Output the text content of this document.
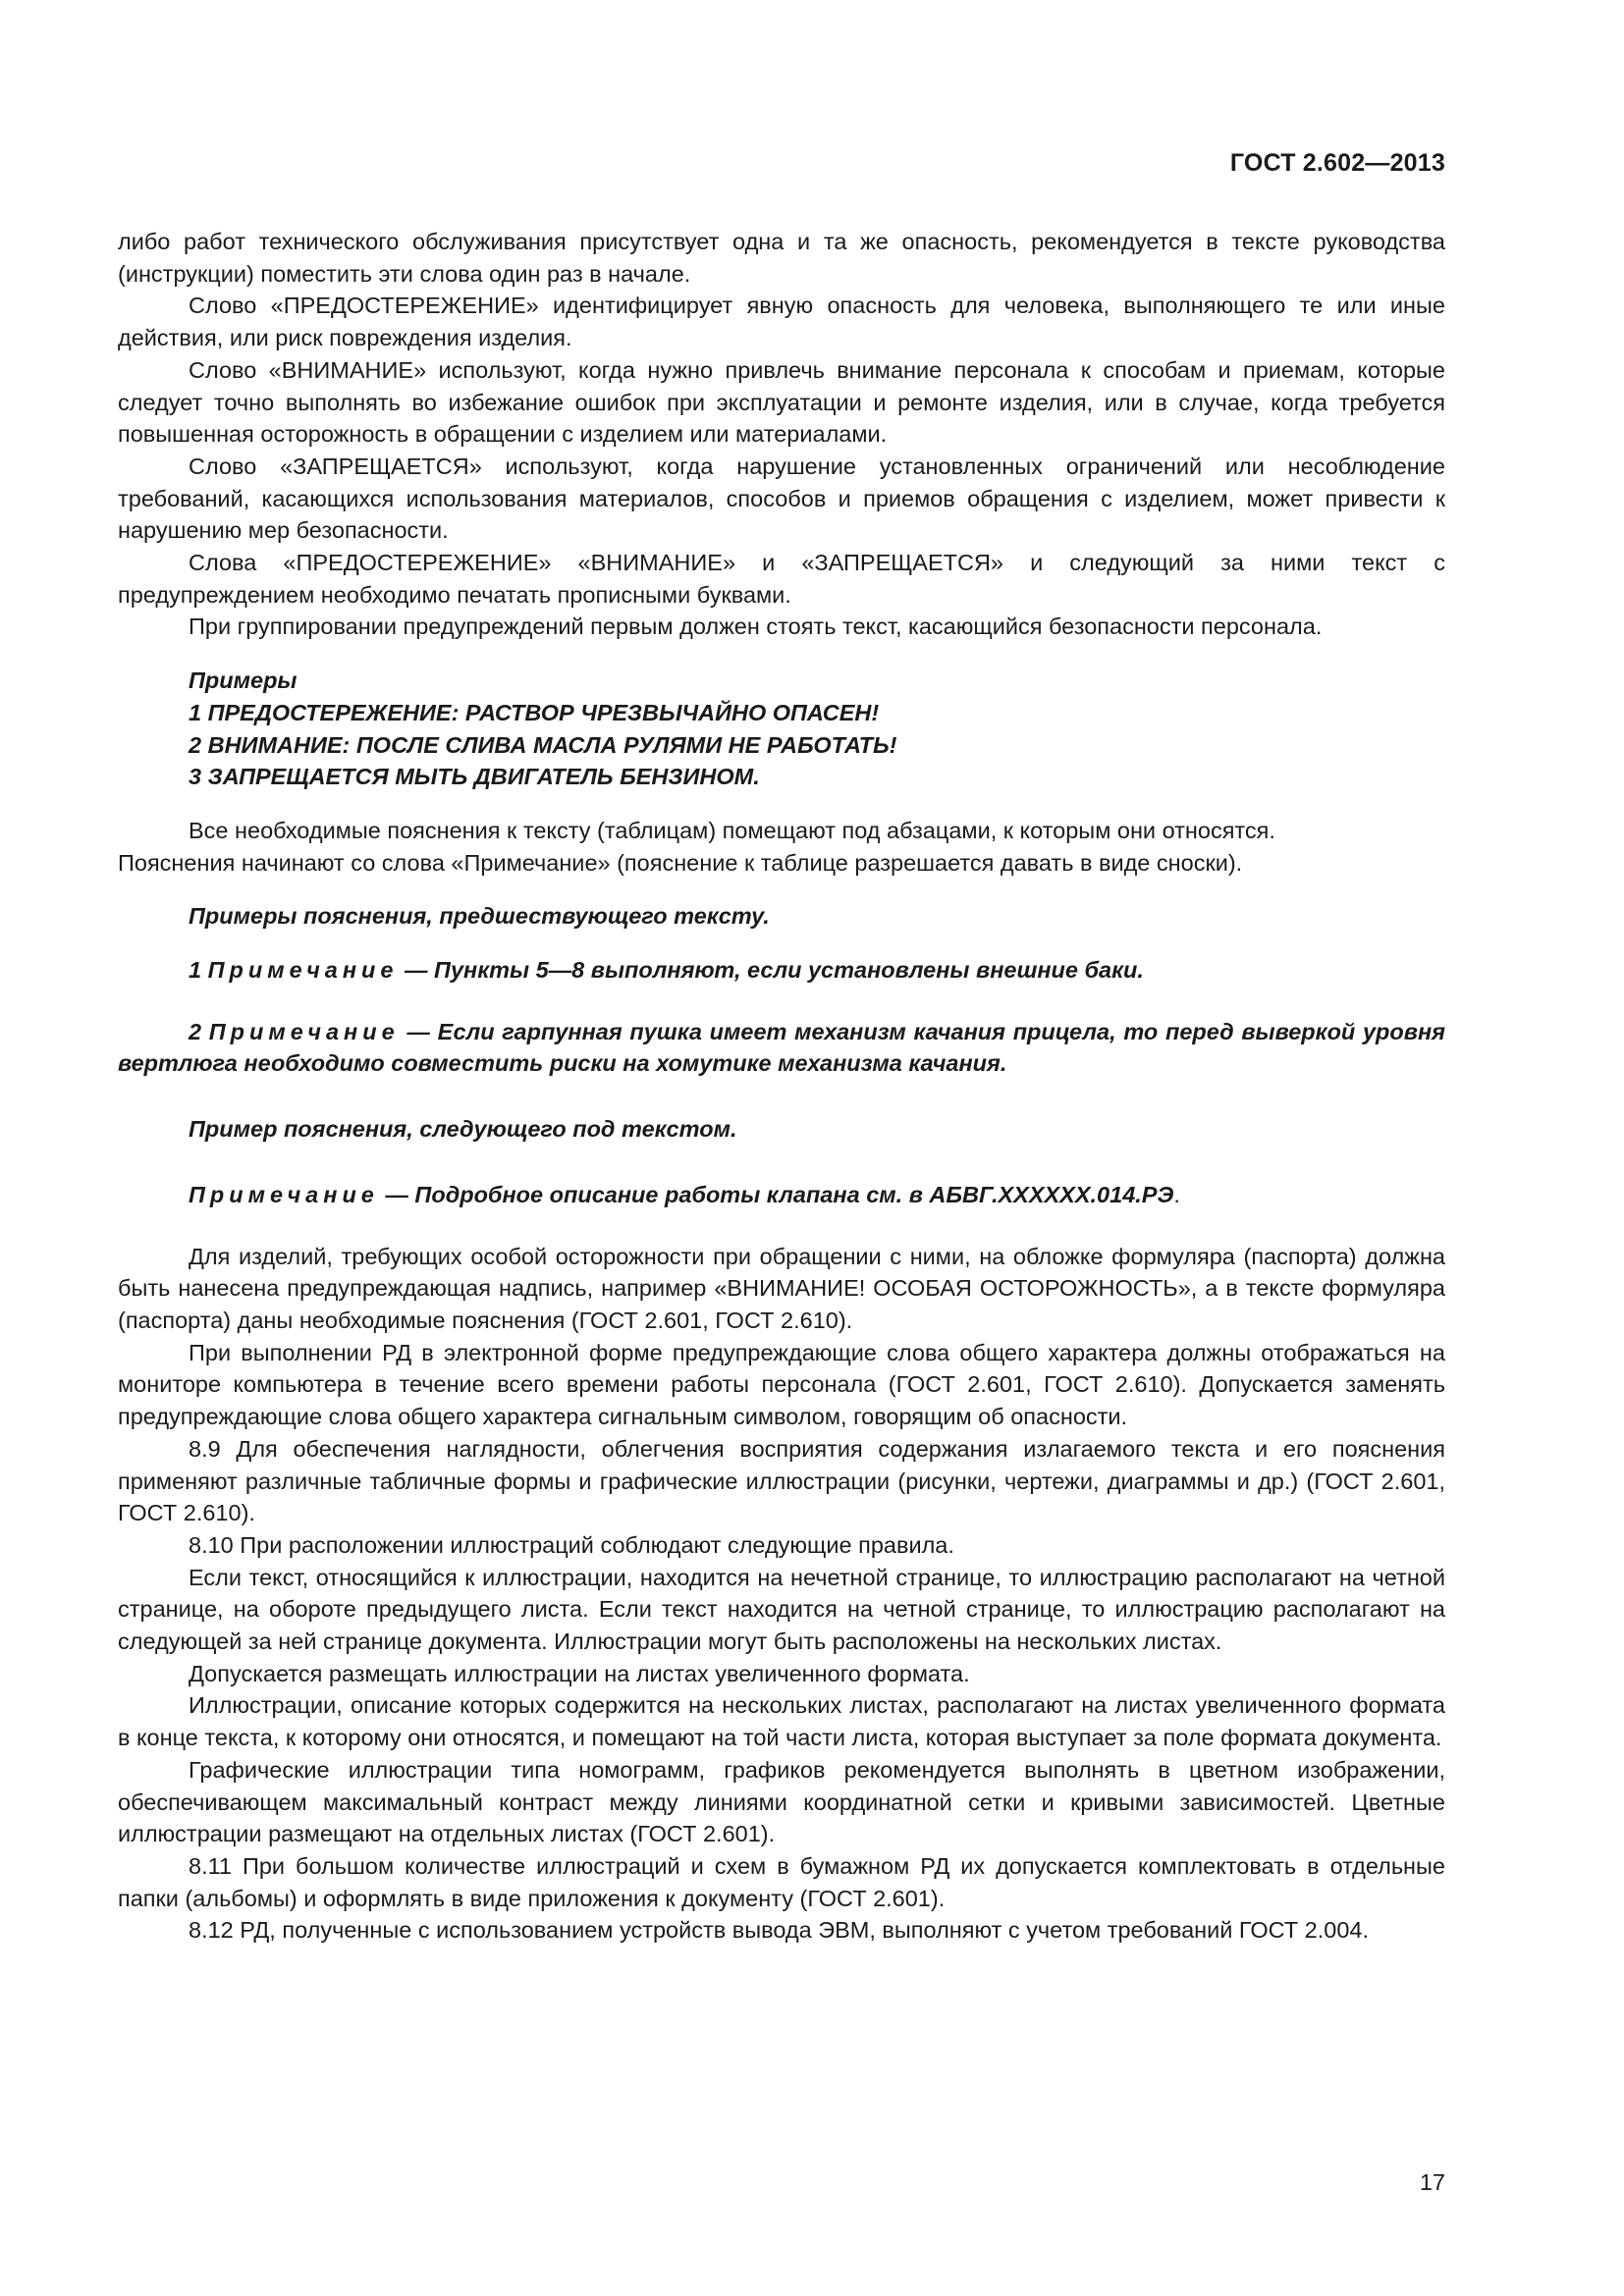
ГОСТ 2.602—2013

либо работ технического обслуживания присутствует одна и та же опасность, рекомендуется в тексте руководства (инструкции) поместить эти слова один раз в начале.

Слово «ПРЕДОСТЕРЕЖЕНИЕ» идентифицирует явную опасность для человека, выполняющего те или иные действия, или риск повреждения изделия.

Слово «ВНИМАНИЕ» используют, когда нужно привлечь внимание персонала к способам и приемам, которые следует точно выполнять во избежание ошибок при эксплуатации и ремонте изделия, или в случае, когда требуется повышенная осторожность в обращении с изделием или материалами.

Слово «ЗАПРЕЩАЕТСЯ» используют, когда нарушение установленных ограничений или несоблюдение требований, касающихся использования материалов, способов и приемов обращения с изделием, может привести к нарушению мер безопасности.

Слова «ПРЕДОСТЕРЕЖЕНИЕ» «ВНИМАНИЕ» и «ЗАПРЕЩАЕТСЯ» и следующий за ними текст с предупреждением необходимо печатать прописными буквами.

При группировании предупреждений первым должен стоять текст, касающийся безопасности персонала.

Примеры

1 ПРЕДОСТЕРЕЖЕНИЕ: РАСТВОР ЧРЕЗВЫЧАЙНО ОПАСЕН!

2 ВНИМАНИЕ: ПОСЛЕ СЛИВА МАСЛА РУЛЯМИ НЕ РАБОТАТЬ!

3 ЗАПРЕЩАЕТСЯ МЫТЬ ДВИГАТЕЛЬ БЕНЗИНОМ.

Все необходимые пояснения к тексту (таблицам) помещают под абзацами, к которым они относятся.

Пояснения начинают со слова «Примечание» (пояснение к таблице разрешается давать в виде сноски).

Примеры пояснения, предшествующего тексту.

1 Примечание — Пункты 5—8 выполняют, если установлены внешние баки.

2 Примечание — Если гарпунная пушка имеет механизм качания прицела, то перед выверкой уровня вертлюга необходимо совместить риски на хомутике механизма качания.

Пример пояснения, следующего под текстом.

Примечание — Подробное описание работы клапана см. в АБВГ.XXXXXX.014.РЭ.

Для изделий, требующих особой осторожности при обращении с ними, на обложке формуляра (паспорта) должна быть нанесена предупреждающая надпись, например «ВНИМАНИЕ! ОСОБАЯ ОСТОРОЖНОСТЬ», а в тексте формуляра (паспорта) даны необходимые пояснения (ГОСТ 2.601, ГОСТ 2.610).

При выполнении РД в электронной форме предупреждающие слова общего характера должны отображаться на мониторе компьютера в течение всего времени работы персонала (ГОСТ 2.601, ГОСТ 2.610). Допускается заменять предупреждающие слова общего характера сигнальным символом, говорящим об опасности.

8.9 Для обеспечения наглядности, облегчения восприятия содержания излагаемого текста и его пояснения применяют различные табличные формы и графические иллюстрации (рисунки, чертежи, диаграммы и др.) (ГОСТ 2.601, ГОСТ 2.610).

8.10 При расположении иллюстраций соблюдают следующие правила.

Если текст, относящийся к иллюстрации, находится на нечетной странице, то иллюстрацию располагают на четной странице, на обороте предыдущего листа. Если текст находится на четной странице, то иллюстрацию располагают на следующей за ней странице документа. Иллюстрации могут быть расположены на нескольких листах.

Допускается размещать иллюстрации на листах увеличенного формата.

Иллюстрации, описание которых содержится на нескольких листах, располагают на листах увеличенного формата в конце текста, к которому они относятся, и помещают на той части листа, которая выступает за поле формата документа.

Графические иллюстрации типа номограмм, графиков рекомендуется выполнять в цветном изображении, обеспечивающем максимальный контраст между линиями координатной сетки и кривыми зависимостей. Цветные иллюстрации размещают на отдельных листах (ГОСТ 2.601).

8.11 При большом количестве иллюстраций и схем в бумажном РД их допускается комплектовать в отдельные папки (альбомы) и оформлять в виде приложения к документу (ГОСТ 2.601).

8.12 РД, полученные с использованием устройств вывода ЭВМ, выполняют с учетом требований ГОСТ 2.004.

17
